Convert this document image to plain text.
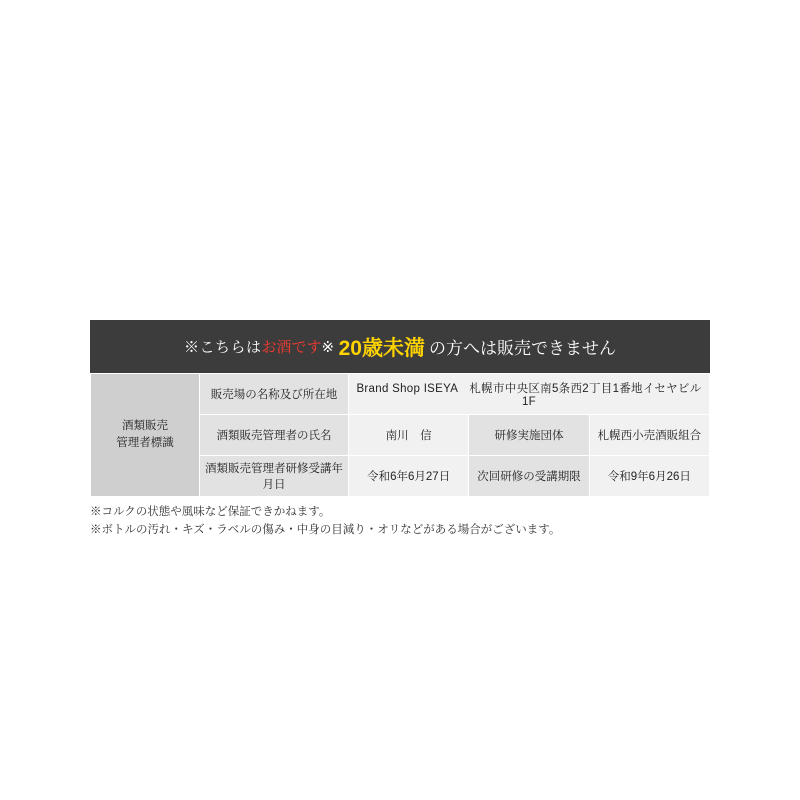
※こちらは お酒です ※ 20歳未満 の方へは販売できません
酒類販売
管理者標識	販売場の名称及び所在地	Brand Shop ISEYA　札幌市中央区南5条西2丁目1番地イセヤビル1F		
	酒類販売管理者の氏名	南川　信	研修実施団体	札幌西小売酒販組合
	酒類販売管理者研修受講年月日	令和6年6月27日	次回研修の受講期限	令和9年6月26日
※コルクの状態や風味など保証できかねます。
※ボトルの汚れ・キズ・ラベルの傷み・中身の目減り・オリなどがある場合がございます。
